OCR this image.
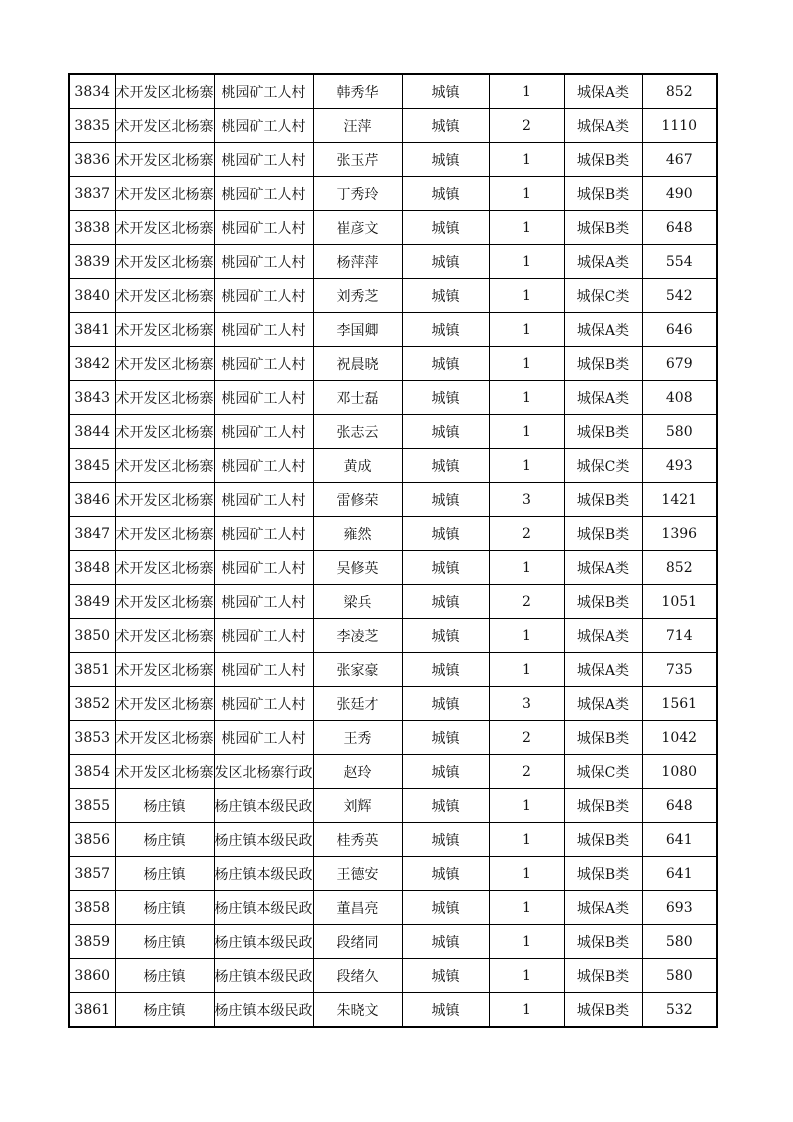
3834	术开发区北杨寨	桃园矿工人村	韩秀华	城镇	1	城保A类	852
3835	术开发区北杨寨	桃园矿工人村	汪萍	城镇	2	城保A类	1110
3836	术开发区北杨寨	桃园矿工人村	张玉芹	城镇	1	城保B类	467
3837	术开发区北杨寨	桃园矿工人村	丁秀玲	城镇	1	城保B类	490
3838	术开发区北杨寨	桃园矿工人村	崔彦文	城镇	1	城保B类	648
3839	术开发区北杨寨	桃园矿工人村	杨萍萍	城镇	1	城保A类	554
3840	术开发区北杨寨	桃园矿工人村	刘秀芝	城镇	1	城保C类	542
3841	术开发区北杨寨	桃园矿工人村	李国卿	城镇	1	城保A类	646
3842	术开发区北杨寨	桃园矿工人村	祝晨晓	城镇	1	城保B类	679
3843	术开发区北杨寨	桃园矿工人村	邓士磊	城镇	1	城保A类	408
3844	术开发区北杨寨	桃园矿工人村	张志云	城镇	1	城保B类	580
3845	术开发区北杨寨	桃园矿工人村	黄成	城镇	1	城保C类	493
3846	术开发区北杨寨	桃园矿工人村	雷修荣	城镇	3	城保B类	1421
3847	术开发区北杨寨	桃园矿工人村	雍然	城镇	2	城保B类	1396
3848	术开发区北杨寨	桃园矿工人村	吴修英	城镇	1	城保A类	852
3849	术开发区北杨寨	桃园矿工人村	梁兵	城镇	2	城保B类	1051
3850	术开发区北杨寨	桃园矿工人村	李凌芝	城镇	1	城保A类	714
3851	术开发区北杨寨	桃园矿工人村	张家豪	城镇	1	城保A类	735
3852	术开发区北杨寨	桃园矿工人村	张廷才	城镇	3	城保A类	1561
3853	术开发区北杨寨	桃园矿工人村	王秀	城镇	2	城保B类	1042
3854	术开发区北杨寨	发区北杨寨行政	赵玲	城镇	2	城保C类	1080
3855	杨庄镇	杨庄镇本级民政	刘辉	城镇	1	城保B类	648
3856	杨庄镇	杨庄镇本级民政	桂秀英	城镇	1	城保B类	641
3857	杨庄镇	杨庄镇本级民政	王德安	城镇	1	城保B类	641
3858	杨庄镇	杨庄镇本级民政	董昌亮	城镇	1	城保A类	693
3859	杨庄镇	杨庄镇本级民政	段绪同	城镇	1	城保B类	580
3860	杨庄镇	杨庄镇本级民政	段绪久	城镇	1	城保B类	580
3861	杨庄镇	杨庄镇本级民政	朱晓文	城镇	1	城保B类	532
